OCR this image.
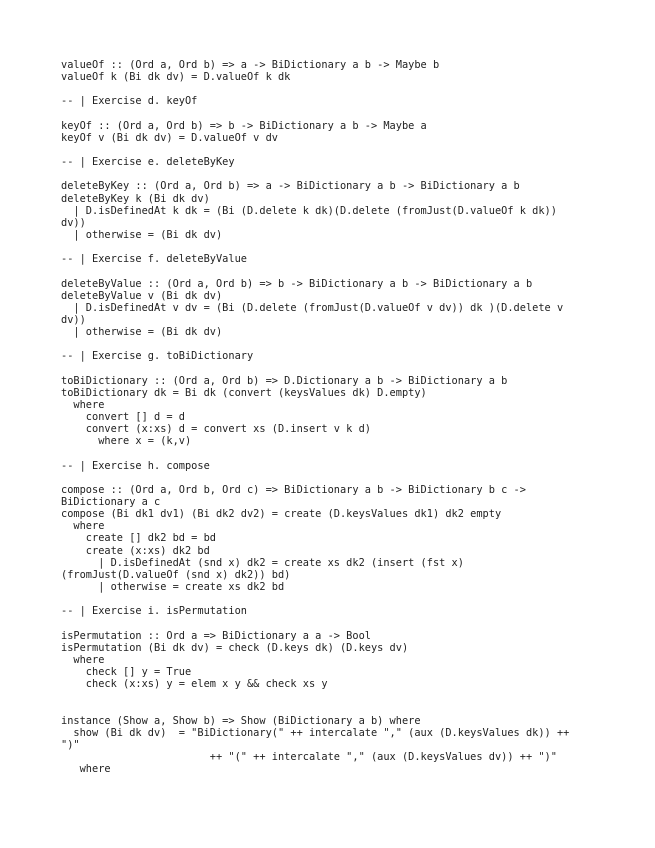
valueOf :: (Ord a, Ord b) => a -> BiDictionary a b -> Maybe b
valueOf k (Bi dk dv) = D.valueOf k dk
-- | Exercise d. keyOf
keyOf :: (Ord a, Ord b) => b -> BiDictionary a b -> Maybe a
keyOf v (Bi dk dv) = D.valueOf v dv
-- | Exercise e. deleteByKey
deleteByKey :: (Ord a, Ord b) => a -> BiDictionary a b -> BiDictionary a b
deleteByKey k (Bi dk dv)
| D.isDefinedAt k dk = (Bi (D.delete k dk)(D.delete (fromJust(D.valueOf k dk))
dv))
| otherwise = (Bi dk dv)
-- | Exercise f. deleteByValue
deleteByValue :: (Ord a, Ord b) => b -> BiDictionary a b -> BiDictionary a b
deleteByValue v (Bi dk dv)
| D.isDefinedAt v dv = (Bi (D.delete (fromJust(D.valueOf v dv)) dk )(D.delete v
dv))
| otherwise = (Bi dk dv)
-- | Exercise g. toBiDictionary
toBiDictionary :: (Ord a, Ord b) => D.Dictionary a b -> BiDictionary a b
toBiDictionary dk = Bi dk (convert (keysValues dk) D.empty)
where
convert [] d = d
convert (x:xs) d = convert xs (D.insert v k d)
where x = (k,v)
-- | Exercise h. compose
compose :: (Ord a, Ord b, Ord c) => BiDictionary a b -> BiDictionary b c ->
BiDictionary a c
compose (Bi dk1 dv1) (Bi dk2 dv2) = create (D.keysValues dk1) dk2 empty
where
create [] dk2 bd = bd
create (x:xs) dk2 bd
| D.isDefinedAt (snd x) dk2 = create xs dk2 (insert (fst x)
(fromJust(D.valueOf (snd x) dk2)) bd)
| otherwise = create xs dk2 bd
-- | Exercise i. isPermutation
isPermutation :: Ord a => BiDictionary a a -> Bool
isPermutation (Bi dk dv) = check (D.keys dk) (D.keys dv)
where
check [] y = True
check (x:xs) y = elem x y && check xs y
instance (Show a, Show b) => Show (BiDictionary a b) where
show (Bi dk dv)  = "BiDictionary(" ++ intercalate "," (aux (D.keysValues dk)) ++
")"
++ "(" ++ intercalate "," (aux (D.keysValues dv)) ++ ")"
where
